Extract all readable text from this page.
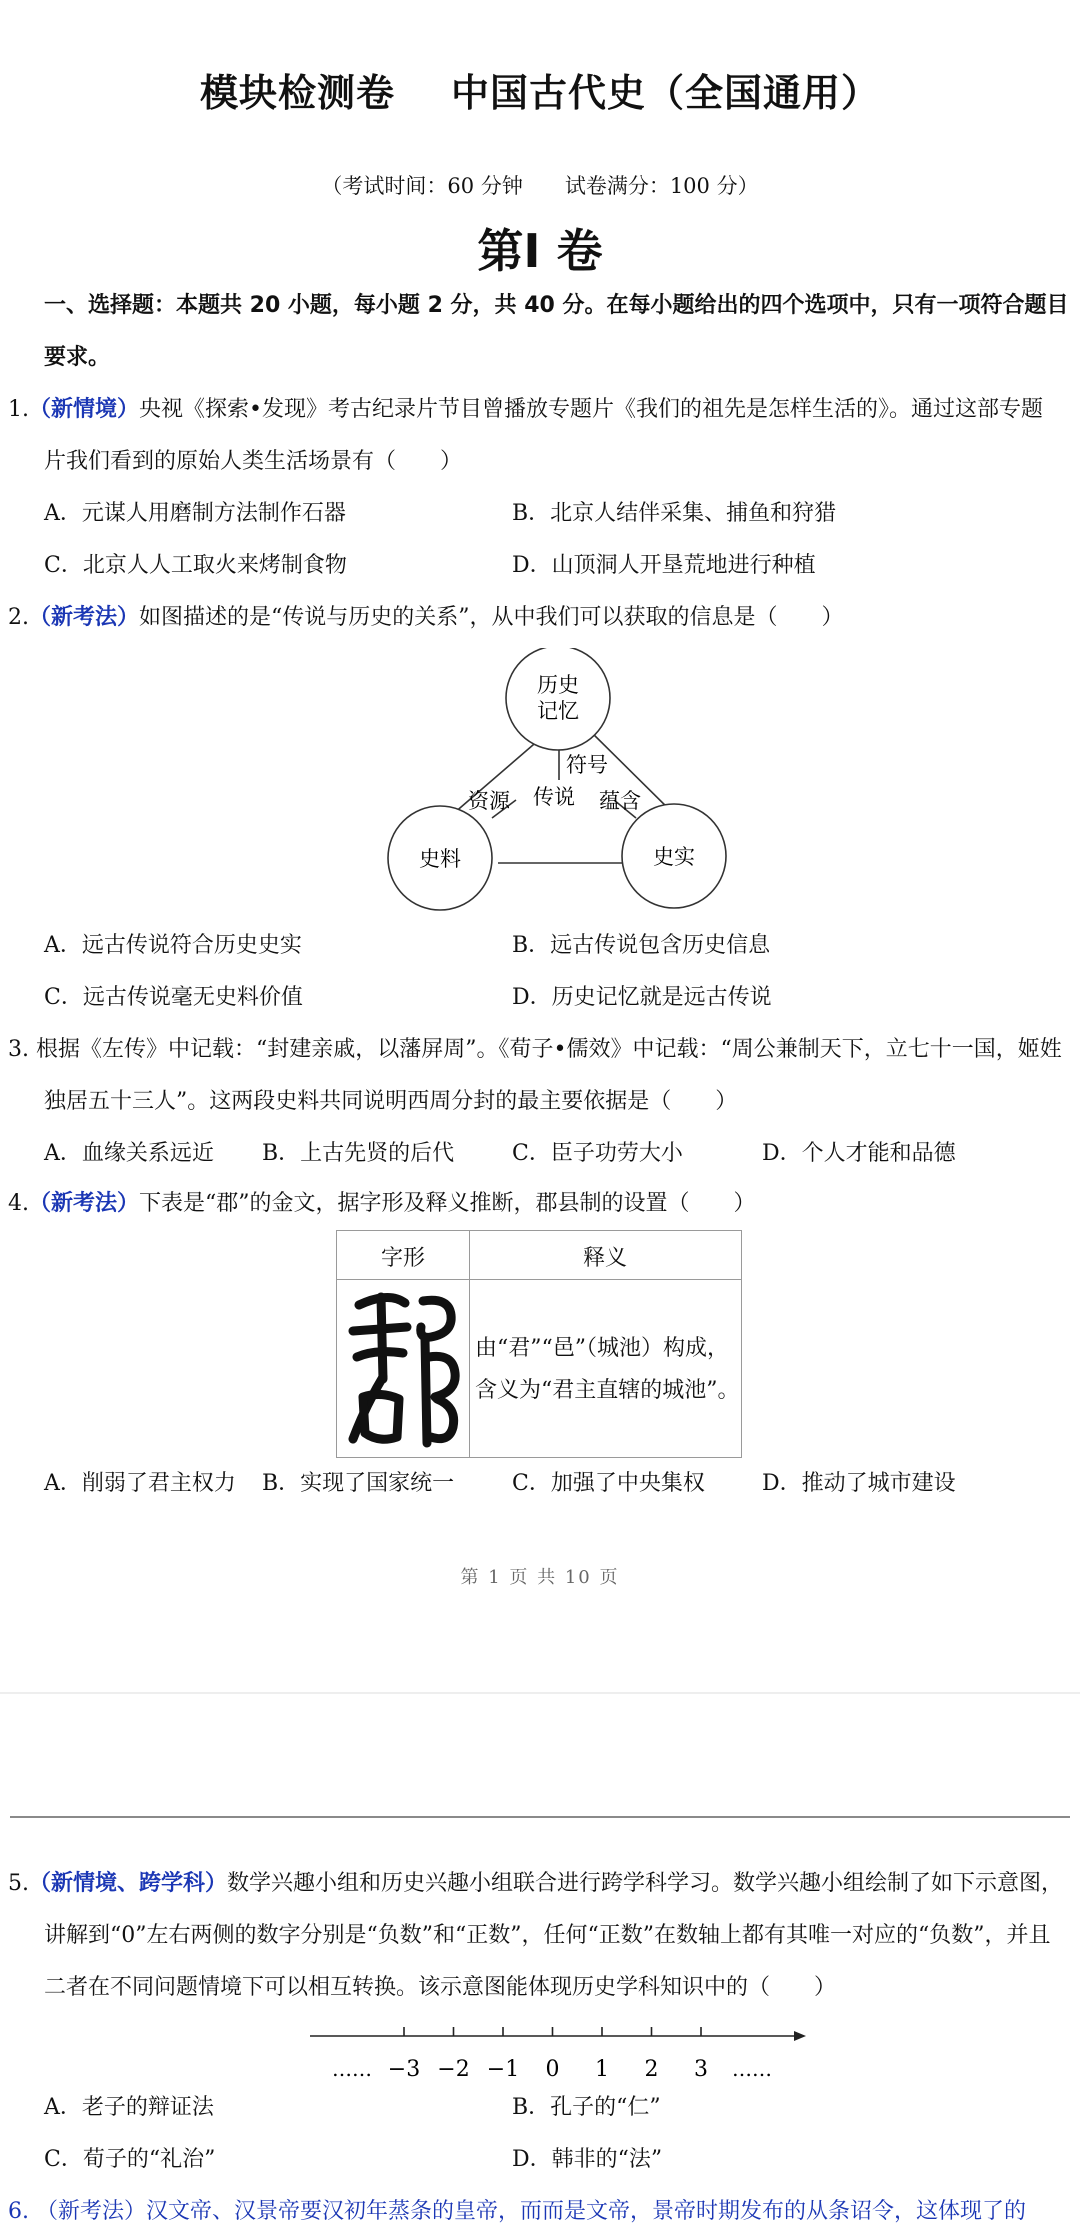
模块检测卷 中国古代史（全国通用）
（考试时间：60 分钟　　试卷满分：100 分）
第Ⅰ 卷
一、选择题：本题共 20 小题，每小题 2 分，共 40 分。在每小题给出的四个选项中，只有一项符合题目
要求。
1.（新情境）央视《探索•发现》考古纪录片节目曾播放专题片《我们的祖先是怎样生活的》。通过这部专题
片我们看到的原始人类生活场景有（　　）
A．元谋人用磨制方法制作石器	B．北京人结伴采集、捕鱼和狩猎
C．北京人人工取火来烤制食物	D．山顶洞人开垦荒地进行种植
2.（新考法）如图描述的是“传说与历史的关系”，从中我们可以获取的信息是（　　）
历史
记忆
史料	史实
符号
资源 传说 蕴含
A．远古传说符合历史史实	B．远古传说包含历史信息
C．远古传说毫无史料价值	D．历史记忆就是远古传说
3. 根据《左传》中记载：“封建亲戚，以藩屏周”。《荀子•儒效》中记载：“周公兼制天下，立七十一国，姬姓
独居五十三人”。这两段史料共同说明西周分封的最主要依据是（　　）
A．血缘关系远近 B．上古先贤的后代	C．臣子功劳大小	D．个人才能和品德
4.（新考法）下表是“郡”的金文，据字形及释义推断，郡县制的设置（　　）
字形	释义
由“君”“邑”（城池）构成，
含义为“君主直辖的城池”。
A．削弱了君主权力 B．实现了国家统一	C．加强了中央集权	D．推动了城市建设
第 1 页 共 10 页
5.（新情境、跨学科）数学兴趣小组和历史兴趣小组联合进行跨学科学习。数学兴趣小组绘制了如下示意图，
讲解到“0”左右两侧的数字分别是“负数”和“正数”，任何“正数”在数轴上都有其唯一对应的“负数”，并且
二者在不同问题情境下可以相互转换。该示意图能体现历史学科知识中的（　　）
−3 −2 −1 0 1 2 3
……	……
A．老子的辩证法	B．孔子的“仁”
C．荀子的“礼治”	D．韩非的“法”
6. （新考法）汉文帝、汉景帝要汉初年蒸条的皇帝，而而是文帝，景帝时期发布的从条诏令，这体现了的
